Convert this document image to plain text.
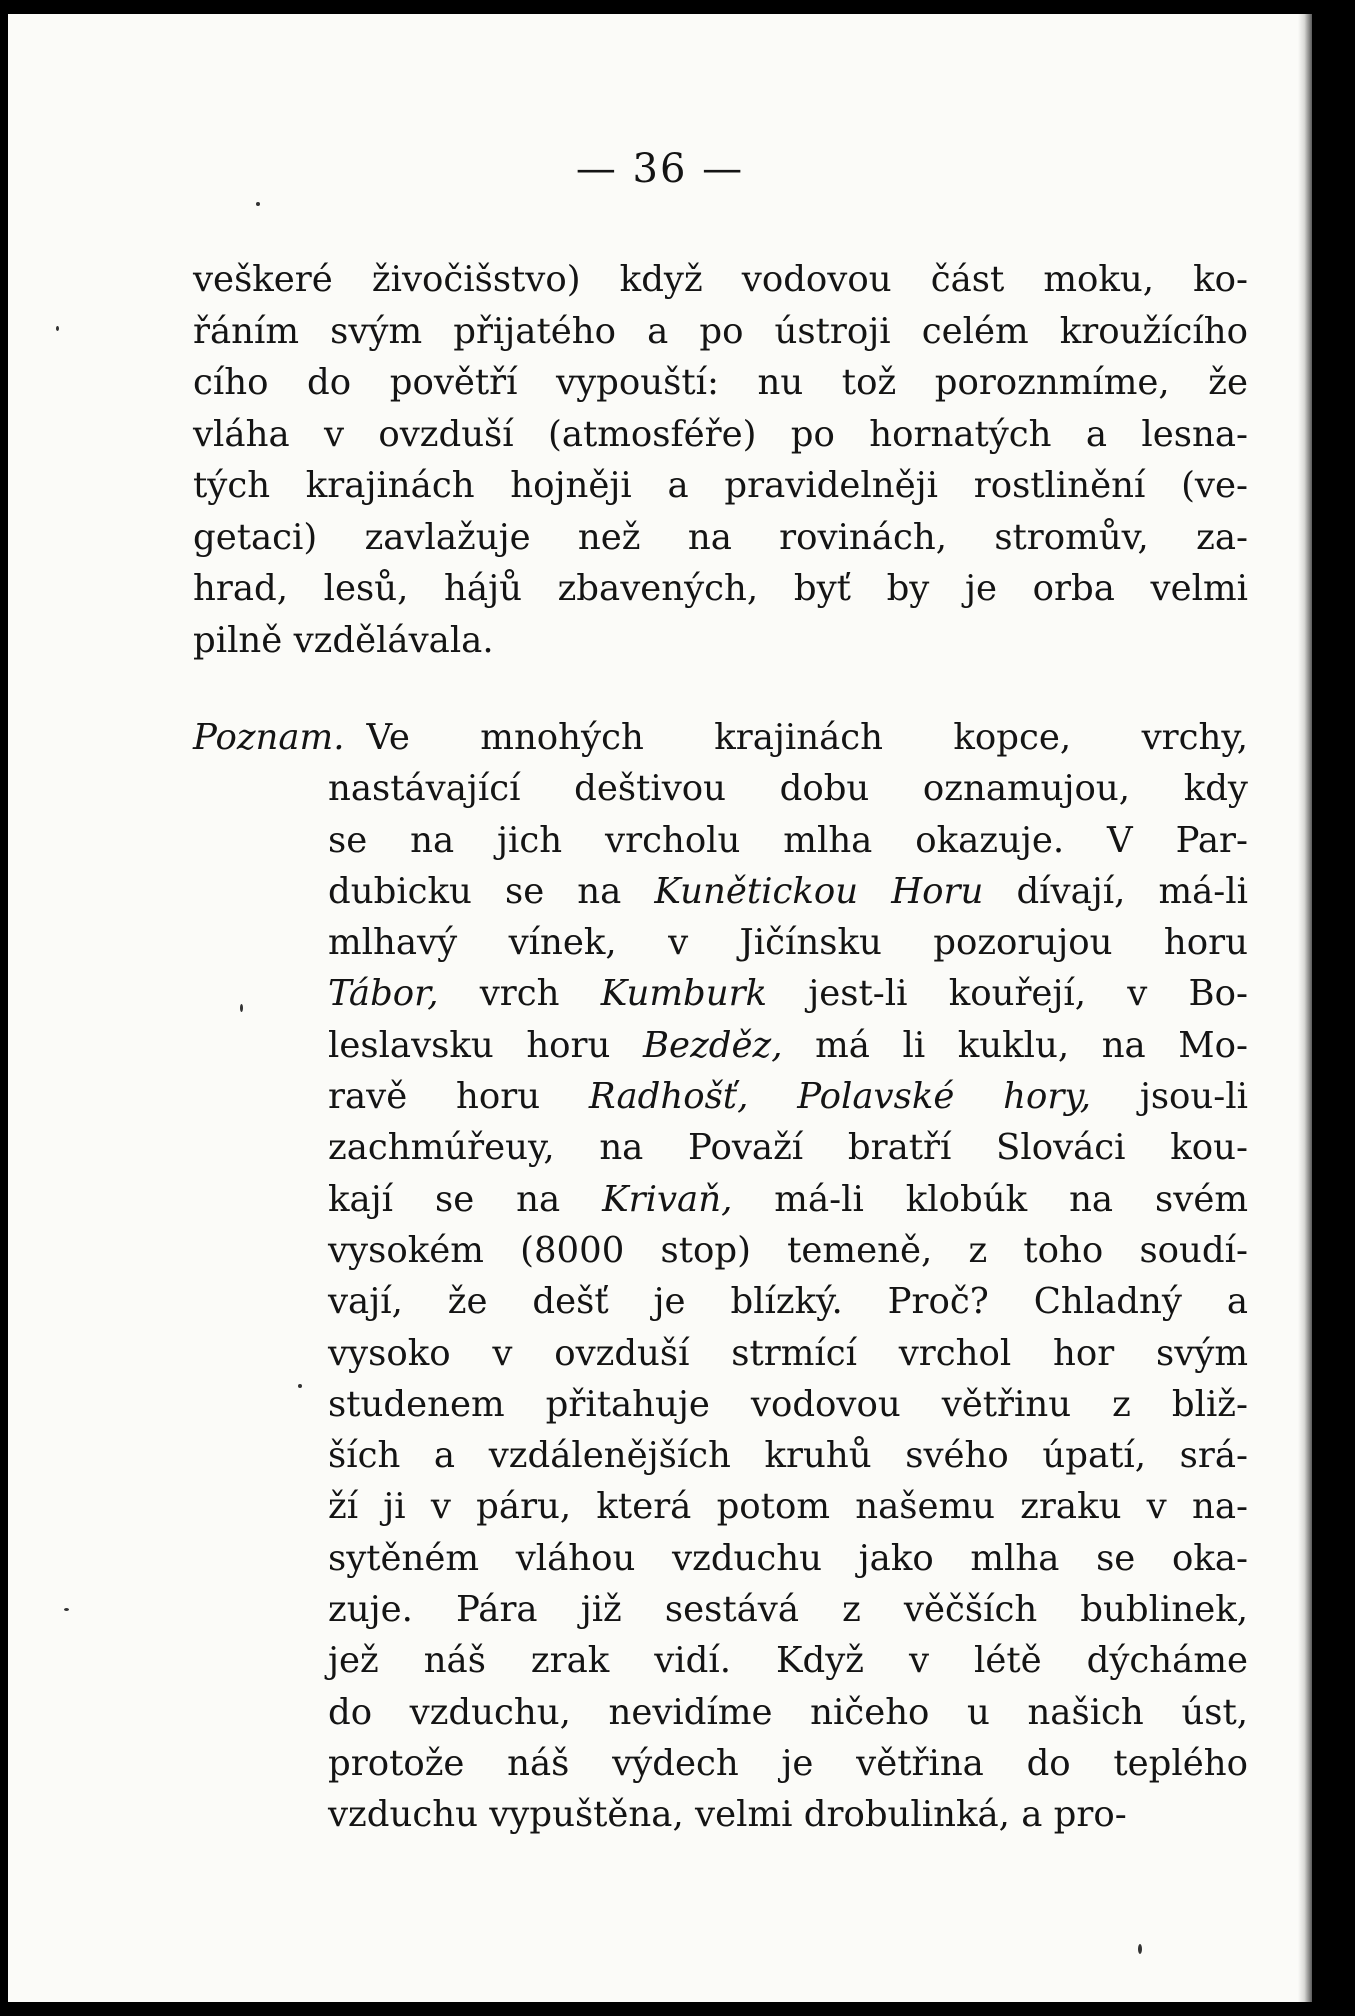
— 36 —
veškeré živočišstvo) když vodovou část moku, ko-
řáním svým přijatého a po ústroji celém kroužícího
cího do povětří vypouští: nu tož poroznmíme, že
vláha v ovzduší (atmosféře) po hornatých a lesna-
tých krajinách hojněji a pravidelněji rostlinění (ve-
getaci) zavlažuje než na rovinách, stromův, za-
hrad, lesů, hájů zbavených, byť by je orba velmi
pilně vzdělávala.
Poznam. Ve mnohých krajinách kopce, vrchy,
nastávající deštivou dobu oznamujou, kdy
se na jich vrcholu mlha okazuje. V Par-
dubicku se na Kunětickou Horu dívají, má-li
mlhavý vínek, v Jičínsku pozorujou horu
Tábor, vrch Kumburk jest-li kouřejí, v Bo-
leslavsku horu Bezděz, má li kuklu, na Mo-
ravě horu Radhošť, Polavské hory, jsou-li
zachmúřeuy, na Považí bratří Slováci kou-
kají se na Krivaň, má-li klobúk na svém
vysokém (8000 stop) temeně, z toho soudí-
vají, že dešť je blízký. Proč? Chladný a
vysoko v ovzduší strmící vrchol hor svým
studenem přitahuje vodovou větřinu z bliž-
ších a vzdálenějších kruhů svého úpatí, srá-
ží ji v páru, která potom našemu zraku v na-
sytěném vláhou vzduchu jako mlha se oka-
zuje. Pára již sestává z věčších bublinek,
jež náš zrak vidí. Když v létě dýcháme
do vzduchu, nevidíme ničeho u našich úst,
protože náš výdech je větřina do teplého
vzduchu vypuštěna, velmi drobulinká, a pro-
